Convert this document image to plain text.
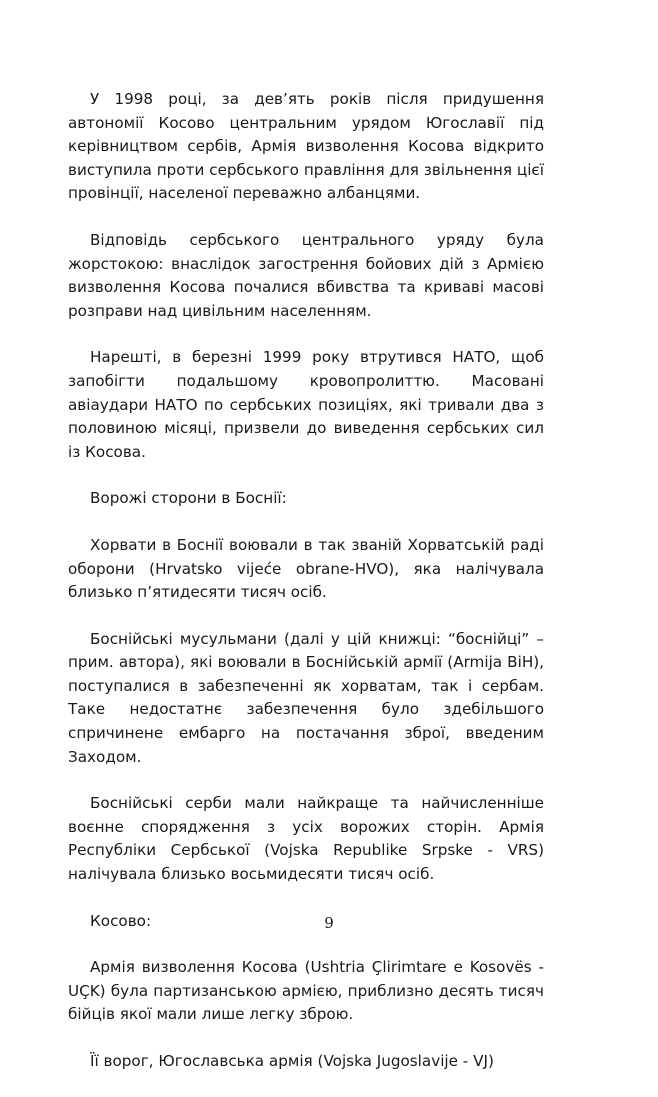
У 1998 році, за дев’ять років після придушення автономії Косово центральним урядом Югославії під керівництвом сербів, Армія визволення Косова відкрито виступила проти сербського правління для звільнення цієї провінції, населеної переважно албанцями.

Відповідь сербського центрального уряду була жорстокою: внаслідок загострення бойових дій з Армією визволення Косова почалися вбивства та криваві масові розправи над цивільним населенням.

Нарешті, в березні 1999 року втрутився НАТО, щоб запобігти подальшому кровопролиттю. Масовані авіаудари НАТО по сербських позиціях, які тривали два з половиною місяці, призвели до виведення сербських сил із Косова.

Ворожі сторони в Боснії:

Хорвати в Боснії воювали в так званій Хорватській раді оборони (Hrvatsko vijeće obrane-HVO), яка налічувала близько п’ятидесяти тисяч осіб.

Боснійські мусульмани (далі у цій книжці: “боснійці” – прим. автора), які воювали в Боснійській армії (Armija BiH), поступалися в забезпеченні як хорватам, так і сербам. Таке недостатнє забезпечення було здебільшого спричинене ембарго на постачання зброї, введеним Заходом.

Боснійські серби мали найкраще та найчисленніше воєнне спорядження з усіх ворожих сторін. Армія Республіки Сербської (Vojska Republike Srpske - VRS) налічувала близько восьмидесяти тисяч осіб.

Косово:

Армія визволення Косова (Ushtria Çlirimtare e Kosovës - UÇK) була партизанською армією, приблизно десять тисяч бійців якої мали лише легку зброю.

Її ворог, Югославська армія (Vojska Jugoslavije - VJ)

9
